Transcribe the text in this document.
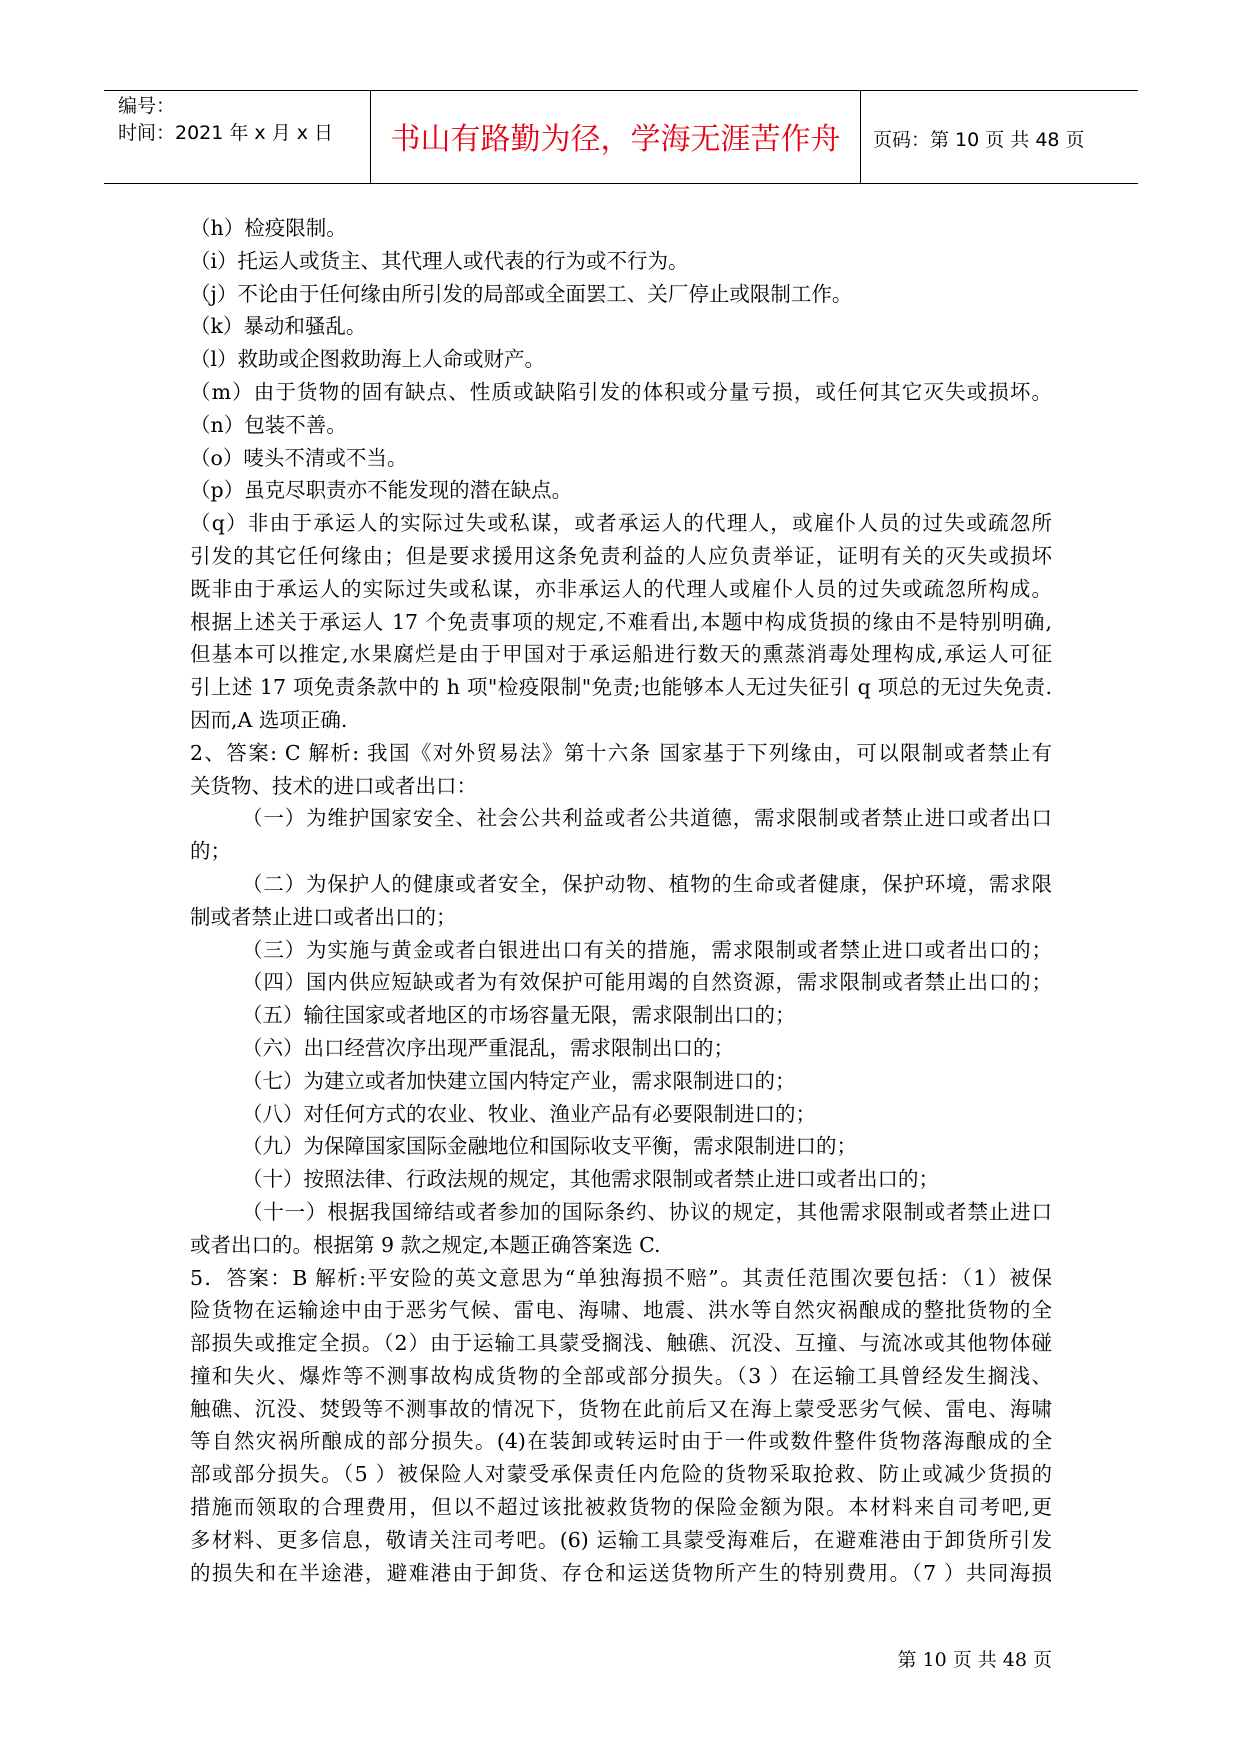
编号：
时间：2021 年 x 月 x 日	书山有路勤为径，学海无涯苦作舟	页码：第 10 页 共 48 页
（h）检疫限制。
（i）托运人或货主、其代理人或代表的行为或不行为。
（j）不论由于任何缘由所引发的局部或全面罢工、关厂停止或限制工作。
（k）暴动和骚乱。
（l）救助或企图救助海上人命或财产。
（m）由于货物的固有缺点、性质或缺陷引发的体积或分量亏损，或任何其它灭失或损坏。
（n）包装不善。
（o）唛头不清或不当。
（p）虽克尽职责亦不能发现的潜在缺点。
（q）非由于承运人的实际过失或私谋，或者承运人的代理人，或雇仆人员的过失或疏忽所
引发的其它任何缘由；但是要求援用这条免责利益的人应负责举证，证明有关的灭失或损坏
既非由于承运人的实际过失或私谋，亦非承运人的代理人或雇仆人员的过失或疏忽所构成。
根据上述关于承运人 17 个免责事项的规定,不难看出,本题中构成货损的缘由不是特别明确,
但基本可以推定,水果腐烂是由于甲国对于承运船进行数天的熏蒸消毒处理构成,承运人可征
引上述 17 项免责条款中的 h 项"检疫限制"免责;也能够本人无过失征引 q 项总的无过失免责.
因而,A 选项正确.
2、答案: C 解析: 我国《对外贸易法》第十六条 国家基于下列缘由，可以限制或者禁止有
关货物、技术的进口或者出口：
（一）为维护国家安全、社会公共利益或者公共道德，需求限制或者禁止进口或者出口
的；
（二）为保护人的健康或者安全，保护动物、植物的生命或者健康，保护环境，需求限
制或者禁止进口或者出口的；
（三）为实施与黄金或者白银进出口有关的措施，需求限制或者禁止进口或者出口的；
（四）国内供应短缺或者为有效保护可能用竭的自然资源，需求限制或者禁止出口的；
（五）输往国家或者地区的市场容量无限，需求限制出口的；
（六）出口经营次序出现严重混乱，需求限制出口的；
（七）为建立或者加快建立国内特定产业，需求限制进口的；
（八）对任何方式的农业、牧业、渔业产品有必要限制进口的；
（九）为保障国家国际金融地位和国际收支平衡，需求限制进口的；
（十）按照法律、行政法规的规定，其他需求限制或者禁止进口或者出口的；
（十一）根据我国缔结或者参加的国际条约、协议的规定，其他需求限制或者禁止进口
或者出口的。根据第 9 款之规定,本题正确答案选 C.
5．答案：B 解析:平安险的英文意思为“单独海损不赔”。其责任范围次要包括：（1）被保
险货物在运输途中由于恶劣气候、雷电、海啸、地震、洪水等自然灾祸酿成的整批货物的全
部损失或推定全损。（2）由于运输工具蒙受搁浅、触礁、沉没、互撞、与流冰或其他物体碰
撞和失火、爆炸等不测事故构成货物的全部或部分损失。（3 ）在运输工具曾经发生搁浅、
触礁、沉没、焚毁等不测事故的情况下，货物在此前后又在海上蒙受恶劣气候、雷电、海啸
等自然灾祸所酿成的部分损失。(4)在装卸或转运时由于一件或数件整件货物落海酿成的全
部或部分损失。（5 ）被保险人对蒙受承保责任内危险的货物采取抢救、防止或减少货损的
措施而领取的合理费用，但以不超过该批被救货物的保险金额为限。本材料来自司考吧,更
多材料、更多信息，敬请关注司考吧。(6) 运输工具蒙受海难后，在避难港由于卸货所引发
的损失和在半途港，避难港由于卸货、存仓和运送货物所产生的特别费用。（7 ）共同海损
第 10 页 共 48 页
